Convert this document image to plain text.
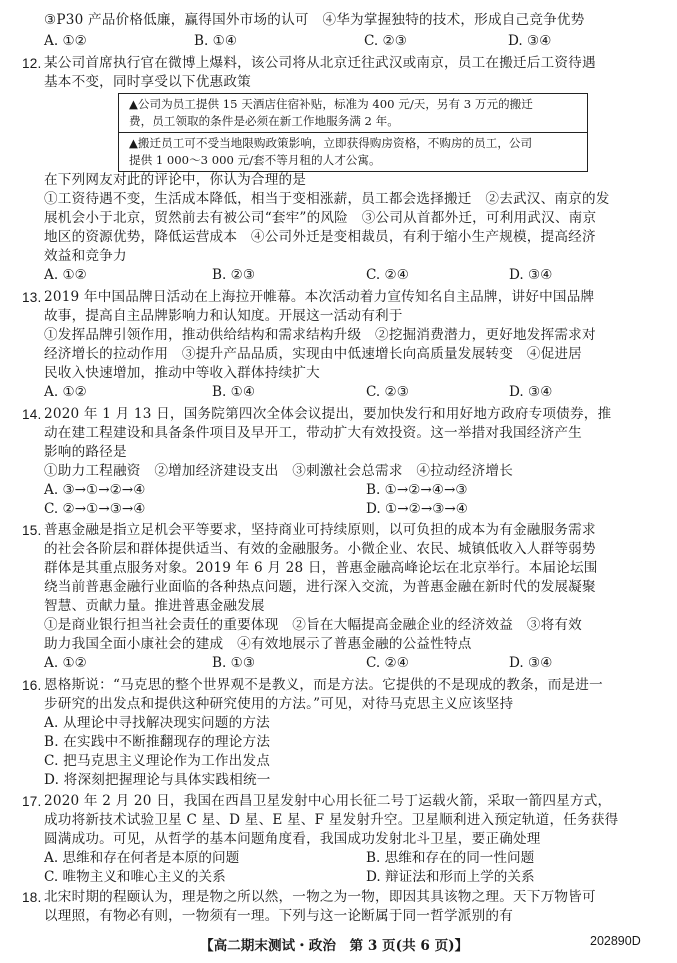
③P30 产品价格低廉，赢得国外市场的认可　④华为掌握独特的技术，形成自己竞争优势
A. ①②	B. ①④	C. ②③	D. ③④
12. 某公司首席执行官在微博上爆料，该公司将从北京迁往武汉或南京，员工在搬迁后工资待遇
基本不变，同时享受以下优惠政策
▲公司为员工提供 15 天酒店住宿补贴，标准为 400 元/天，另有 3 万元的搬迁
费，员工领取的条件是必须在新工作地服务满 2 年。
▲搬迁员工可不受当地限购政策影响，立即获得购房资格，不购房的员工，公司
提供 1 000～3 000 元/套不等月租的人才公寓。
在下列网友对此的评论中，你认为合理的是
①工资待遇不变，生活成本降低，相当于变相涨薪，员工都会选择搬迁　②去武汉、南京的发
展机会小于北京，贸然前去有被公司“套牢”的风险　③公司从首都外迁，可利用武汉、南京
地区的资源优势，降低运营成本　④公司外迁是变相裁员，有利于缩小生产规模，提高经济
效益和竞争力
A. ①②	B. ②③	C. ②④	D. ③④
13. 2019 年中国品牌日活动在上海拉开帷幕。本次活动着力宣传知名自主品牌，讲好中国品牌
故事，提高自主品牌影响力和认知度。开展这一活动有利于
①发挥品牌引领作用，推动供给结构和需求结构升级　②挖掘消费潜力，更好地发挥需求对
经济增长的拉动作用　③提升产品品质，实现由中低速增长向高质量发展转变　④促进居
民收入快速增加，推动中等收入群体持续扩大
A. ①②	B. ①④	C. ②③	D. ③④
14. 2020 年 1 月 13 日，国务院第四次全体会议提出，要加快发行和用好地方政府专项债券，推
动在建工程建设和具备条件项目及早开工，带动扩大有效投资。这一举措对我国经济产生
影响的路径是
①助力工程融资　②增加经济建设支出　③刺激社会总需求　④拉动经济增长
A. ③→①→②→④	B. ①→②→④→③
C. ②→①→③→④	D. ①→②→③→④
15. 普惠金融是指立足机会平等要求，坚持商业可持续原则，以可负担的成本为有金融服务需求
的社会各阶层和群体提供适当、有效的金融服务。小微企业、农民、城镇低收入人群等弱势
群体是其重点服务对象。2019 年 6 月 28 日，普惠金融高峰论坛在北京举行。本届论坛围
绕当前普惠金融行业面临的各种热点问题，进行深入交流，为普惠金融在新时代的发展凝聚
智慧、贡献力量。推进普惠金融发展
①是商业银行担当社会责任的重要体现　②旨在大幅提高金融企业的经济效益　③将有效
助力我国全面小康社会的建成　④有效地展示了普惠金融的公益性特点
A. ①②	B. ①③	C. ②④	D. ③④
16. 恩格斯说：“马克思的整个世界观不是教义，而是方法。它提供的不是现成的教条，而是进一
步研究的出发点和提供这种研究使用的方法。”可见，对待马克思主义应该坚持
A. 从理论中寻找解决现实问题的方法
B. 在实践中不断推翻现存的理论方法
C. 把马克思主义理论作为工作出发点
D. 将深刻把握理论与具体实践相统一
17. 2020 年 2 月 20 日，我国在西昌卫星发射中心用长征二号丁运载火箭，采取一箭四星方式，
成功将新技术试验卫星 C 星、D 星、E 星、F 星发射升空。卫星顺利进入预定轨道，任务获得
圆满成功。可见，从哲学的基本问题角度看，我国成功发射北斗卫星，要正确处理
A. 思维和存在何者是本原的问题	B. 思维和存在的同一性问题
C. 唯物主义和唯心主义的关系	D. 辩证法和形而上学的关系
18. 北宋时期的程颐认为，理是物之所以然，一物之为一物，即因其具该物之理。天下万物皆可
以理照，有物必有则，一物须有一理。下列与这一论断属于同一哲学派别的有
【高二期末测试・政治　第 3 页(共 6 页)】	202890D
